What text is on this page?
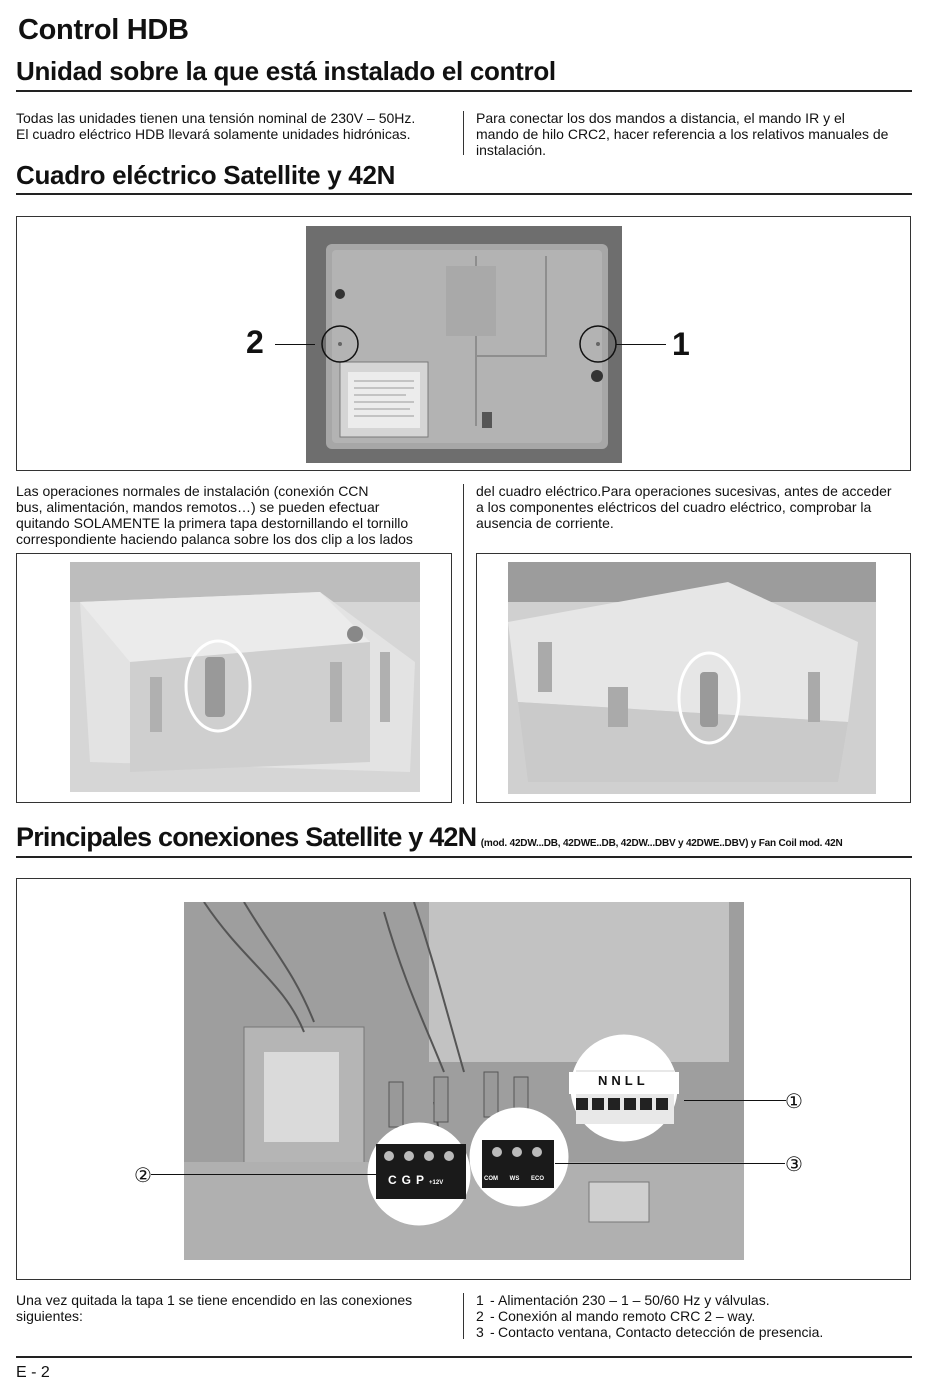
Control HDB
Unidad sobre la que está instalado el control
Todas las unidades tienen una tensión nominal de 230V – 50Hz.
El cuadro eléctrico HDB llevará solamente unidades hidrónicas.
Para conectar los dos mandos a distancia, el mando IR y el
mando de hilo CRC2, hacer referencia a los relativos manuales de
instalación.
Cuadro eléctrico Satellite y 42N
2	1
Las operaciones normales de instalación (conexión CCN
bus, alimentación, mandos remotos…) se pueden efectuar
quitando SOLAMENTE la primera tapa destornillando el tornillo
correspondiente haciendo palanca sobre los dos clip a los lados
del cuadro eléctrico.Para operaciones sucesivas, antes de acceder
a los componentes eléctricos del cuadro eléctrico, comprobar la
ausencia de corriente.
Principales conexiones Satellite y 42N (mod. 42DW...DB, 42DWE..DB, 42DW...DBV y 42DWE..DBV) y Fan Coil mod. 42N
NNLL
CGP+12V
COM WS ECO
①
②	③
Una vez quitada la tapa 1 se tiene encendido en las conexiones
siguientes:
1 - Alimentación 230 – 1 – 50/60 Hz y válvulas.
2 - Conexión al mando remoto CRC 2 – way.
3 - Contacto ventana, Contacto detección de presencia.
E - 2
